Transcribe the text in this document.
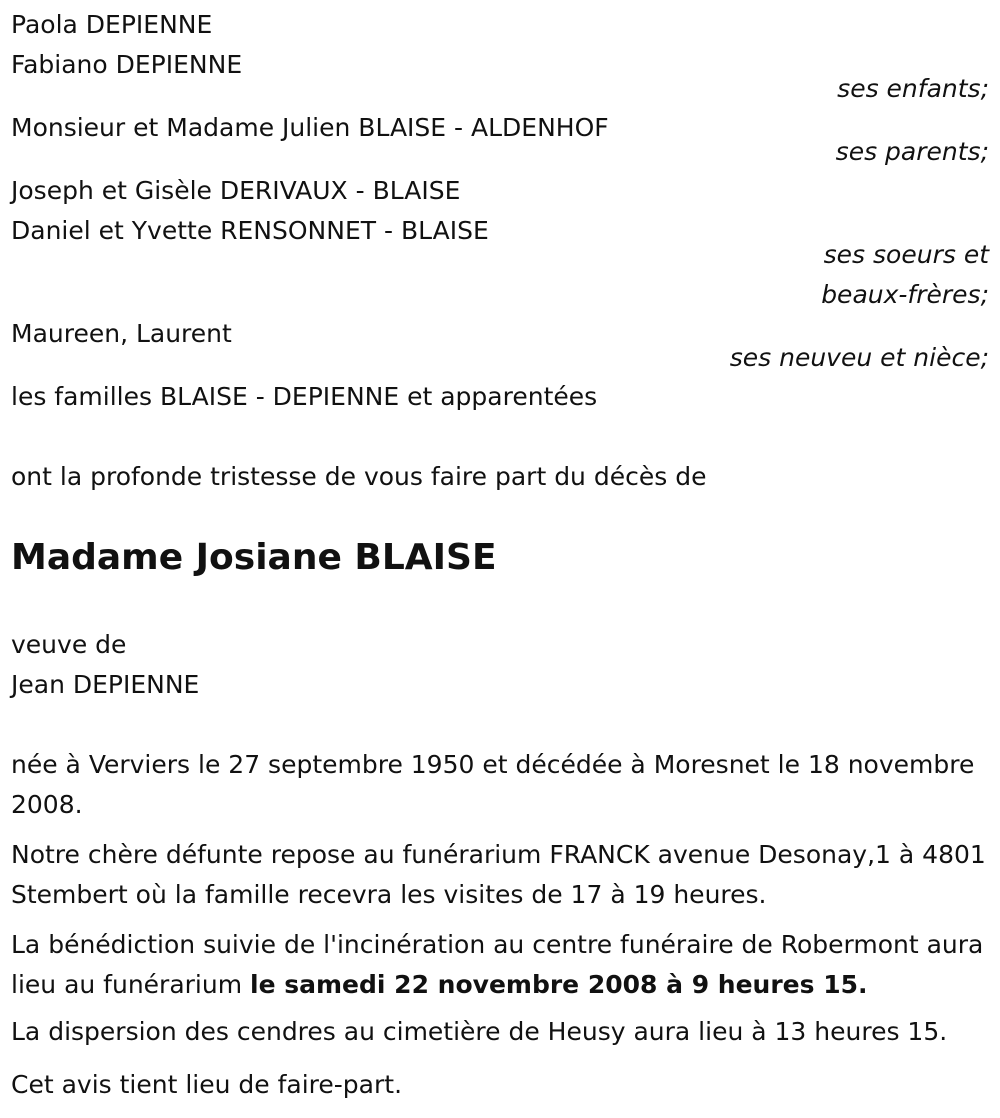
Paola DEPIENNE
Fabiano DEPIENNE
ses enfants;
Monsieur et Madame Julien BLAISE - ALDENHOF
ses parents;
Joseph et Gisèle DERIVAUX - BLAISE
Daniel et Yvette RENSONNET - BLAISE
ses soeurs et
beaux-frères;
Maureen, Laurent
ses neuveu et nièce;
les familles BLAISE - DEPIENNE et apparentées
ont la profonde tristesse de vous faire part du décès de
Madame Josiane BLAISE
veuve de
Jean DEPIENNE
née à Verviers le 27 septembre 1950 et décédée à Moresnet le 18 novembre 2008.
Notre chère défunte repose au funérarium FRANCK avenue Desonay,1 à 4801 Stembert où la famille recevra les visites de 17 à 19 heures.
La bénédiction suivie de l'incinération au centre funéraire de Robermont aura lieu au funérarium le samedi 22 novembre 2008 à 9 heures 15.
La dispersion des cendres au cimetière de Heusy aura lieu à 13 heures 15.
Cet avis tient lieu de faire-part.
